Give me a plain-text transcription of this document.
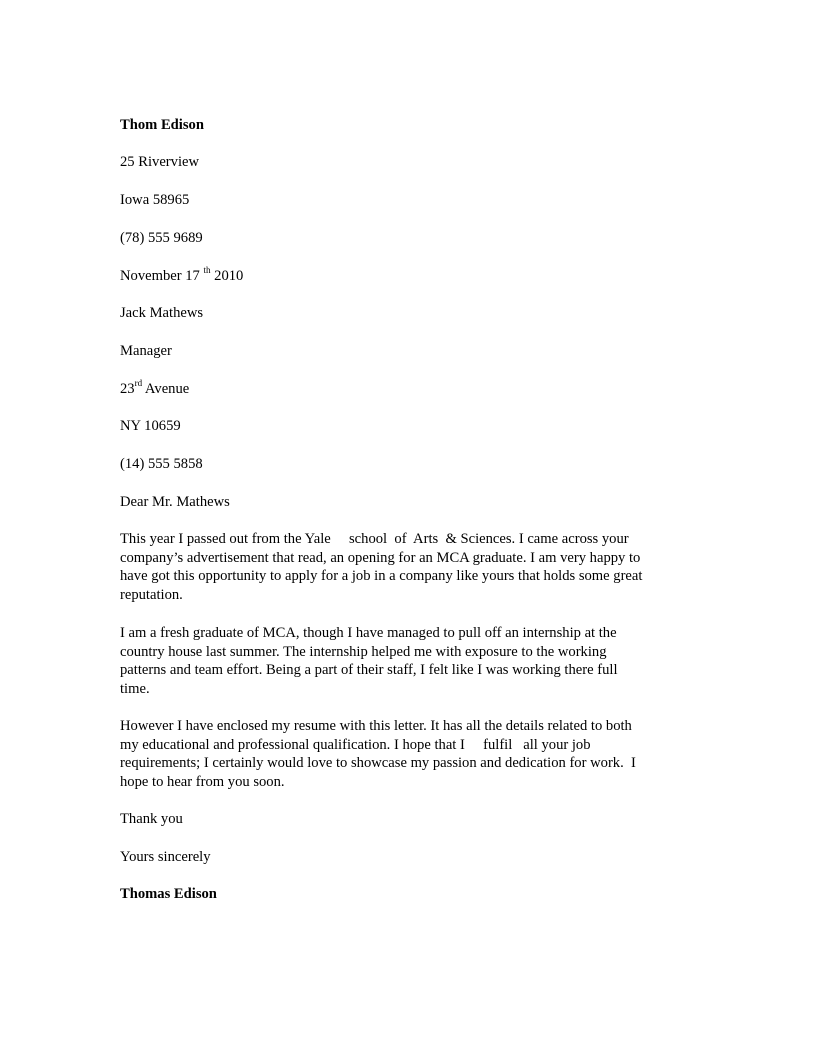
Thom Edison
25 Riverview
Iowa 58965
(78) 555 9689
November 17 $^{th}$ 2010
Jack Mathews
Manager
23rd Avenue
NY 10659
(14) 555 5858
Dear Mr. Mathews
This year I passed out from the Yale     school  of  Arts  & Sciences. I came across your
company’s advertisement that read, an opening for an MCA graduate. I am very happy to
have got this opportunity to apply for a job in a company like yours that holds some great
reputation.
I am a fresh graduate of MCA, though I have managed to pull off an internship at the
country house last summer. The internship helped me with exposure to the working
patterns and team effort. Being a part of their staff, I felt like I was working there full
time.
However I have enclosed my resume with this letter. It has all the details related to both
my educational and professional qualification. I hope that I     fulfil   all your job
requirements; I certainly would love to showcase my passion and dedication for work.  I
hope to hear from you soon.
Thank you
Yours sincerely
Thomas Edison
